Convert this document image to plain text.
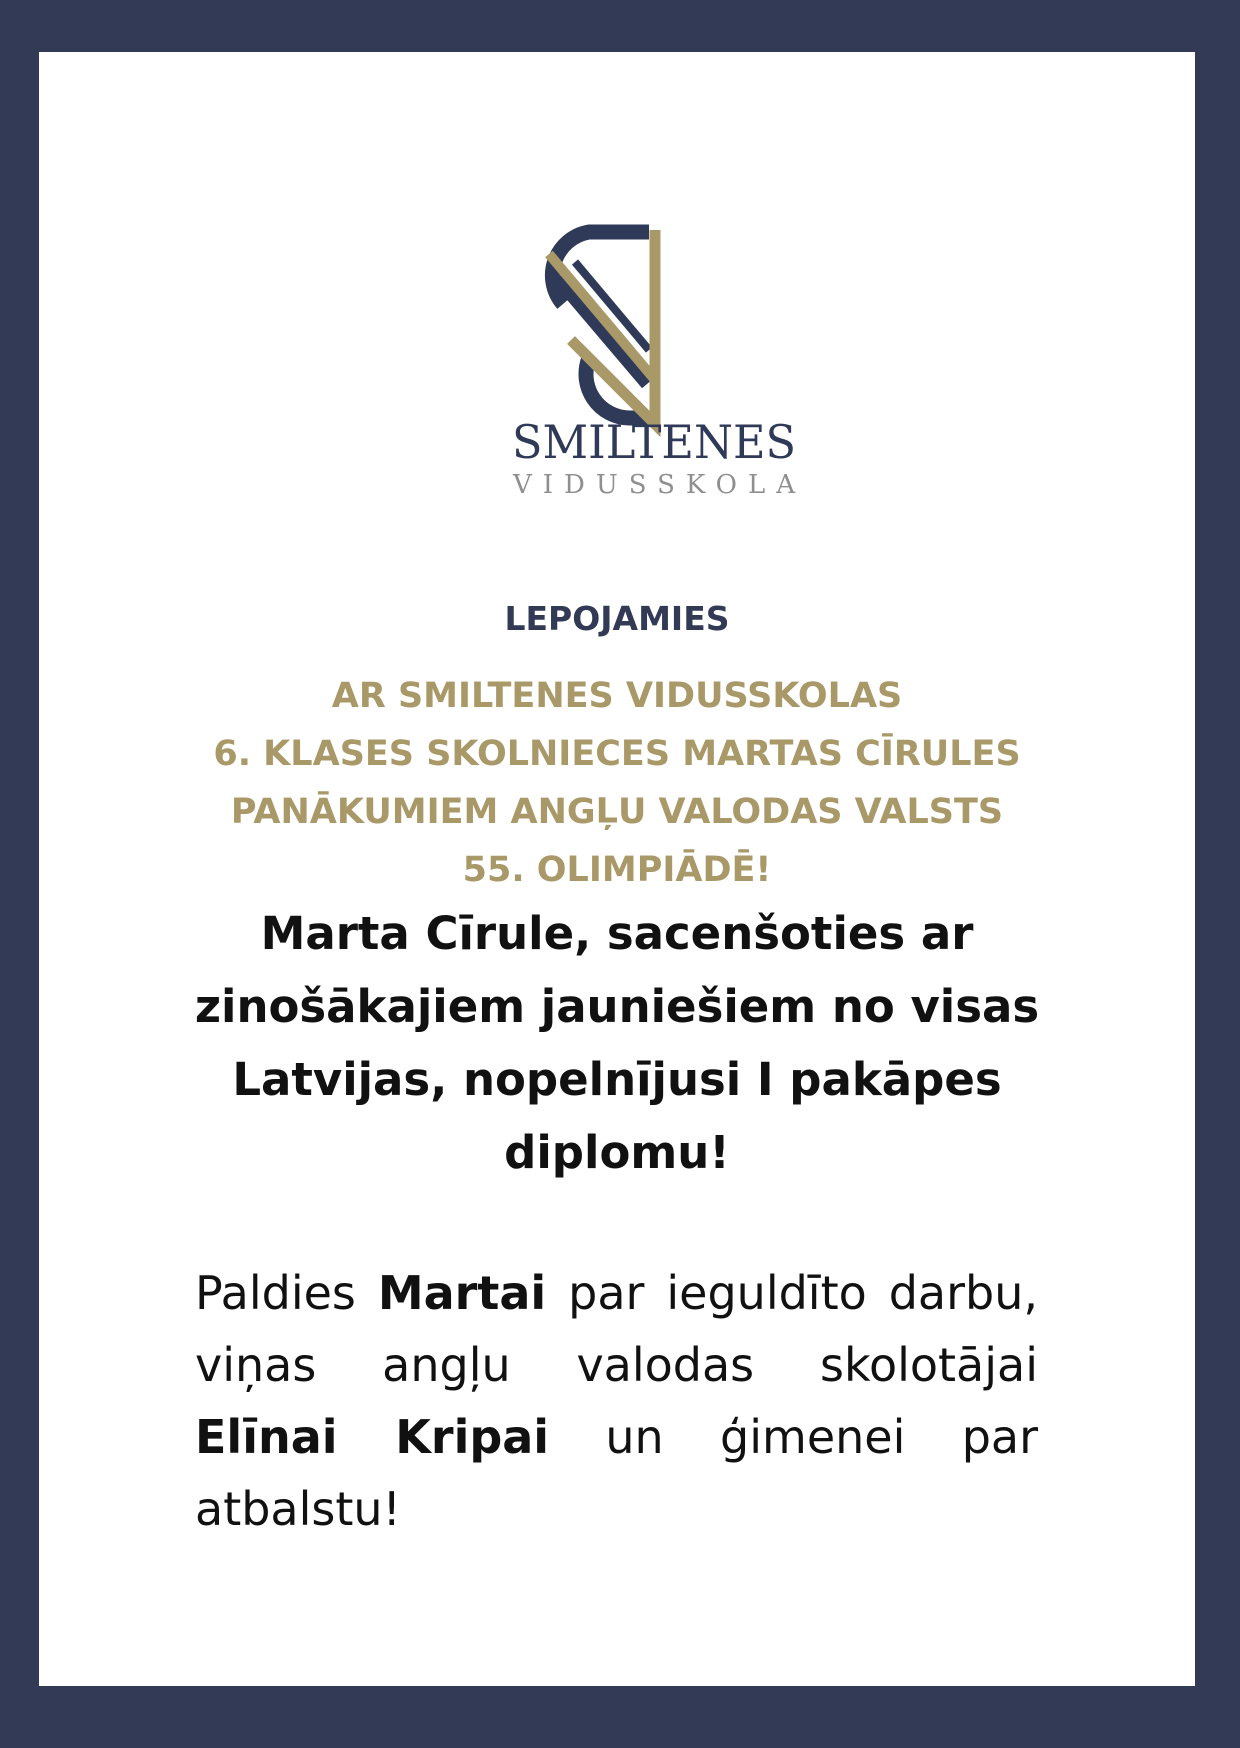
SMILTENES
VIDUSSKOLA
LEPOJAMIES
AR SMILTENES VIDUSSKOLAS
6. KLASES SKOLNIECES MARTAS CĪRULES
PANĀKUMIEM ANGĻU VALODAS VALSTS
55. OLIMPIĀDĒ!
Marta Cīrule, sacenšoties ar zinošākajiem jauniešiem no visas Latvijas, nopelnījusi I pakāpes diplomu!
Paldies Martai par ieguldīto darbu, viņas angļu valodas skolotājai Elīnai Kripai un ģimenei par atbalstu!
